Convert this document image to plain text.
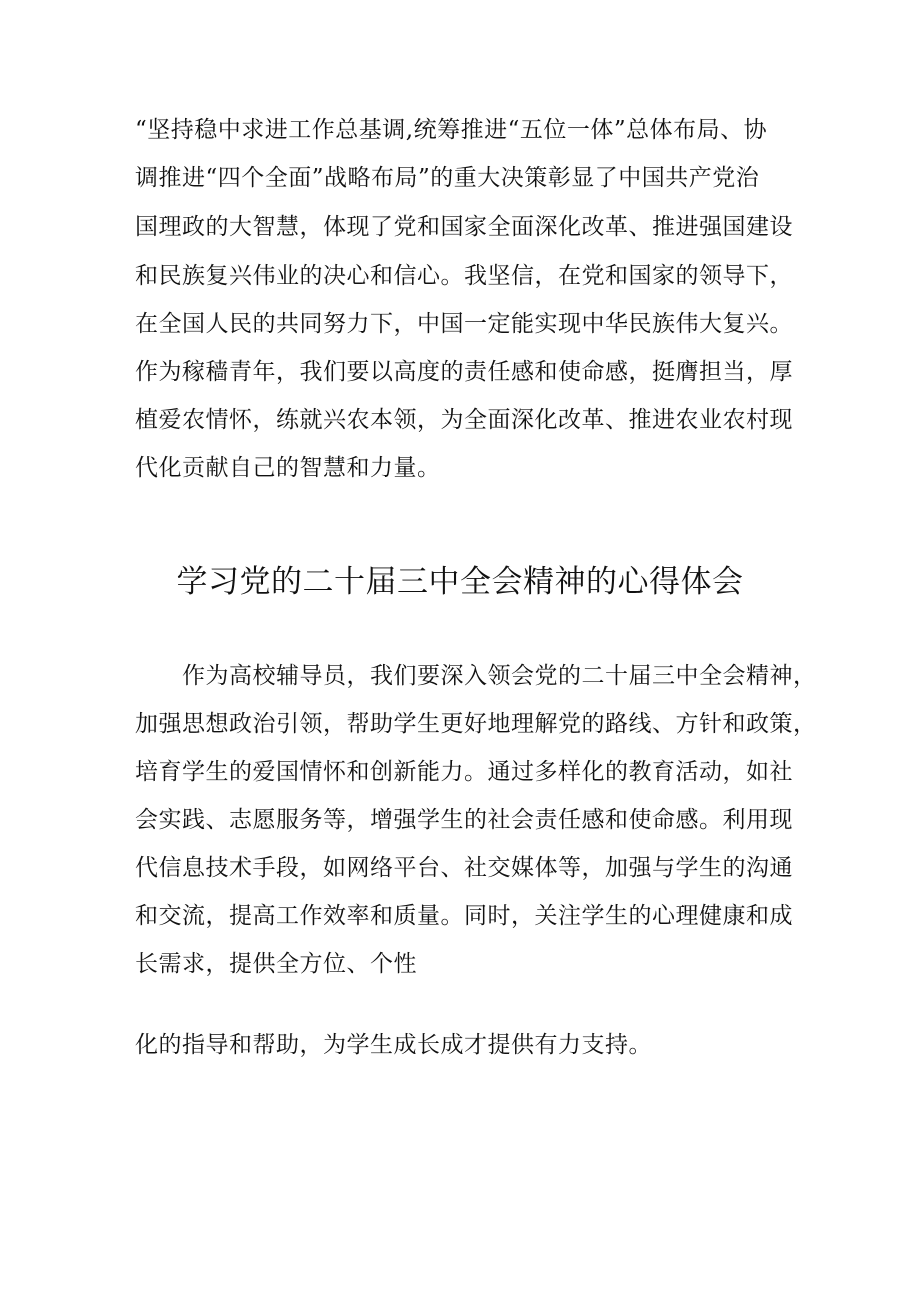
“坚持稳中求进工作总基调,统筹推进“五位一体”总体布局、协
调推进“四个全面”战略布局”的重大决策彰显了中国共产党治
国理政的大智慧，体现了党和国家全面深化改革、推进强国建设
和民族复兴伟业的决心和信心。我坚信，在党和国家的领导下，
在全国人民的共同努力下，中国一定能实现中华民族伟大复兴。
作为稼穑青年，我们要以高度的责任感和使命感，挺膺担当，厚
植爱农情怀，练就兴农本领，为全面深化改革、推进农业农村现
代化贡献自己的智慧和力量。
学习党的二十届三中全会精神的心得体会
作为高校辅导员，我们要深入领会党的二十届三中全会精神，
加强思想政治引领，帮助学生更好地理解党的路线、方针和政策，
培育学生的爱国情怀和创新能力。通过多样化的教育活动，如社
会实践、志愿服务等，增强学生的社会责任感和使命感。利用现
代信息技术手段，如网络平台、社交媒体等，加强与学生的沟通
和交流，提高工作效率和质量。同时，关注学生的心理健康和成
长需求，提供全方位、个性
化的指导和帮助，为学生成长成才提供有力支持。
